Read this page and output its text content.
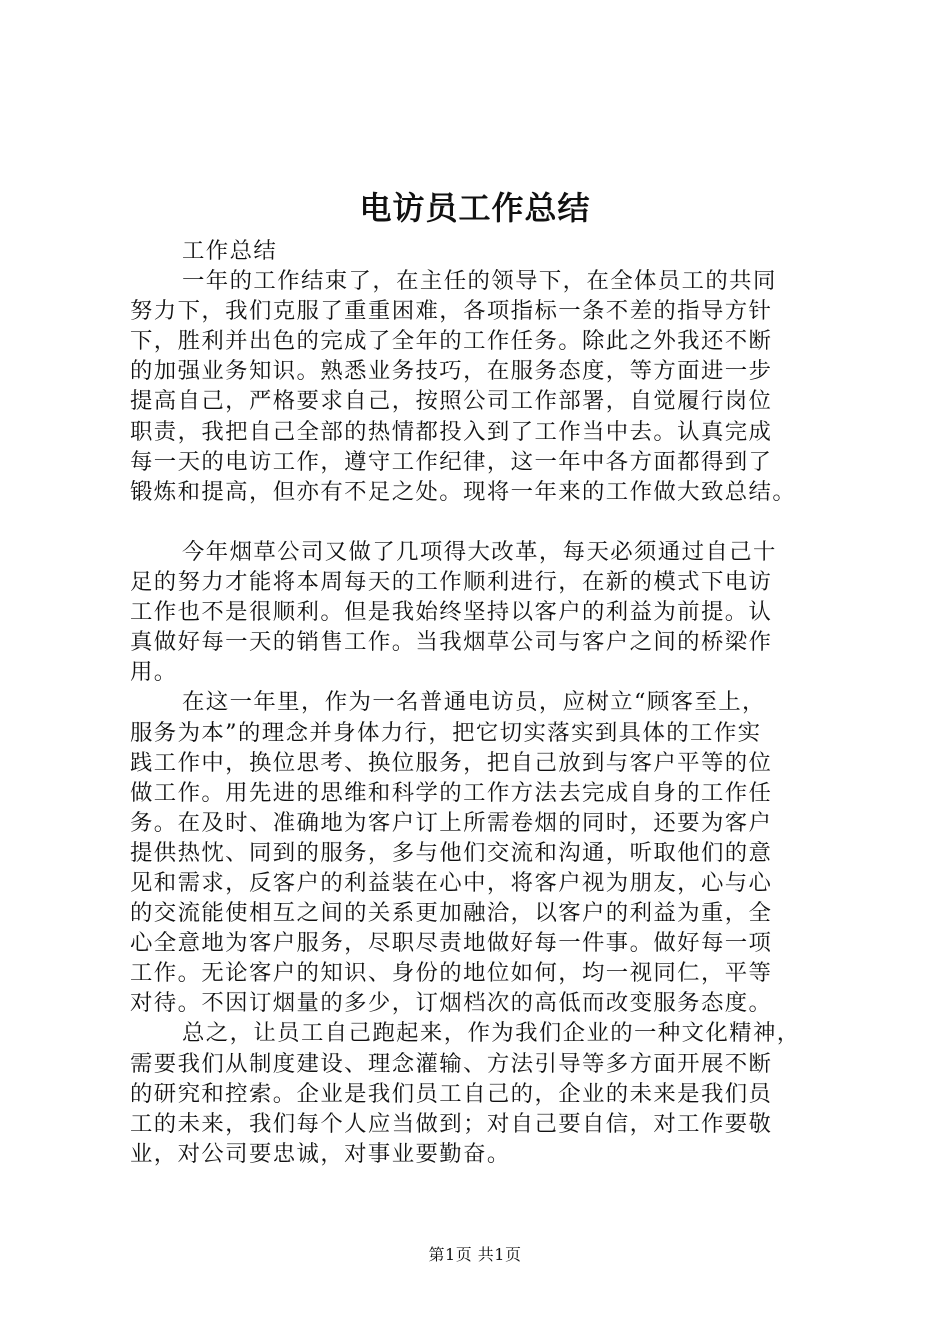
电访员工作总结
工作总结
一年的工作结束了，在主任的领导下，在全体员工的共同
努力下，我们克服了重重困难，各项指标一条不差的指导方针
下，胜利并出色的完成了全年的工作任务。除此之外我还不断
的加强业务知识。熟悉业务技巧，在服务态度，等方面进一步
提高自己，严格要求自己，按照公司工作部署，自觉履行岗位
职责，我把自己全部的热情都投入到了工作当中去。认真完成
每一天的电访工作，遵守工作纪律，这一年中各方面都得到了
锻炼和提高，但亦有不足之处。现将一年来的工作做大致总结。
今年烟草公司又做了几项得大改革，每天必须通过自己十
足的努力才能将本周每天的工作顺利进行，在新的模式下电访
工作也不是很顺利。但是我始终坚持以客户的利益为前提。认
真做好每一天的销售工作。当我烟草公司与客户之间的桥梁作
用。
在这一年里，作为一名普通电访员，应树立“顾客至上，
服务为本”的理念并身体力行，把它切实落实到具体的工作实
践工作中，换位思考、换位服务，把自己放到与客户平等的位
做工作。用先进的思维和科学的工作方法去完成自身的工作任
务。在及时、准确地为客户订上所需卷烟的同时，还要为客户
提供热忱、同到的服务，多与他们交流和沟通，听取他们的意
见和需求，反客户的利益装在心中，将客户视为朋友，心与心
的交流能使相互之间的关系更加融洽，以客户的利益为重，全
心全意地为客户服务，尽职尽责地做好每一件事。做好每一项
工作。无论客户的知识、身份的地位如何，均一视同仁，平等
对待。不因订烟量的多少，订烟档次的高低而改变服务态度。
总之，让员工自己跑起来，作为我们企业的一种文化精神，
需要我们从制度建设、理念灌输、方法引导等多方面开展不断
的研究和控索。企业是我们员工自己的，企业的未来是我们员
工的未来，我们每个人应当做到；对自己要自信，对工作要敬
业，对公司要忠诚，对事业要勤奋。
第1页 共1页
